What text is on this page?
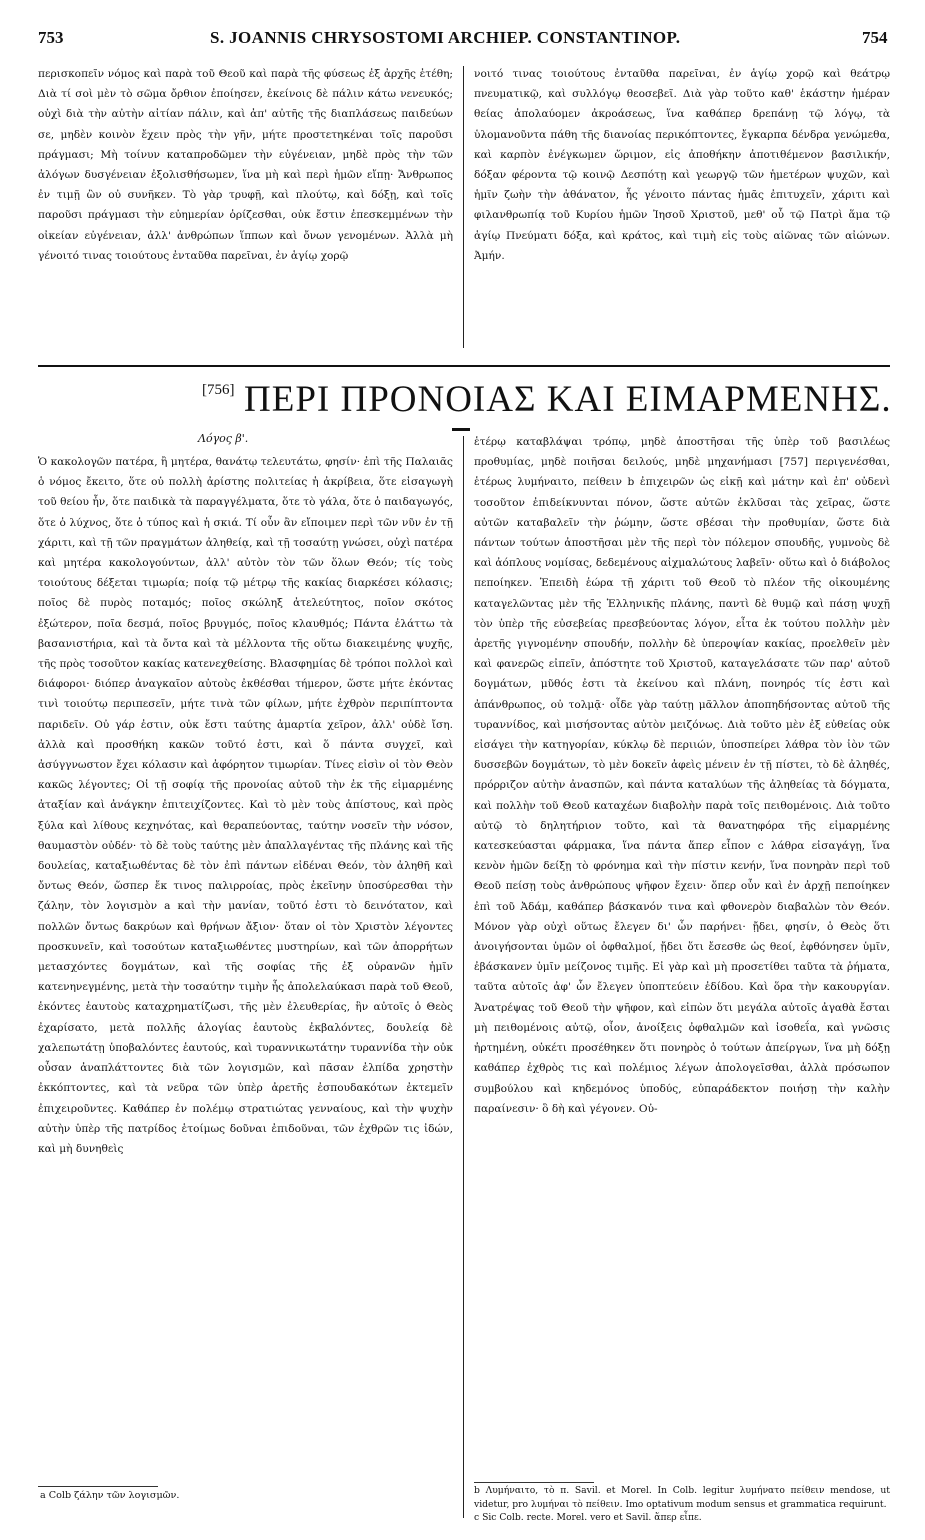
753	S. JOANNIS CHRYSOSTOMI ARCHIEP. CONSTANTINOP.	754

περισκοπεῖν νόμος καὶ παρὰ τοῦ Θεοῦ καὶ παρὰ τῆς φύσεως ἐξ ἀρχῆς ἐτέθη; Διὰ τί σοὶ μὲν τὸ σῶμα ὄρθιον ἐποίησεν, ἐκείνοις δὲ πάλιν κάτω νενευκός; οὐχὶ διὰ τὴν αὐτὴν αἰτίαν πάλιν, καὶ ἀπ' αὐτῆς τῆς διαπλάσεως παιδεύων σε, μηδὲν κοινὸν ἔχειν πρὸς τὴν γῆν, μήτε προστετηκέναι τοῖς παροῦσι πράγμασι; Μὴ τοίνυν καταπροδῶμεν τὴν εὐγένειαν, μηδὲ πρὸς τὴν τῶν ἀλόγων δυσγένειαν ἐξολισθήσωμεν, ἵνα μὴ καὶ περὶ ἡμῶν εἴπῃ· Ἄνθρωπος ἐν τιμῇ ὢν οὐ συνῆκεν. Τὸ γὰρ τρυφῇ, καὶ πλούτῳ, καὶ δόξῃ, καὶ τοῖς παροῦσι πράγμασι τὴν εὐημερίαν ὁρίζεσθαι, οὐκ ἔστιν ἐπεσκεμμένων τὴν οἰκείαν εὐγένειαν, ἀλλ' ἀνθρώπων ἵππων καὶ ὄνων γενομένων. Ἀλλὰ μὴ γένοιτό τινας τοιούτους ἐνταῦθα παρεῖναι, ἐν ἁγίῳ χορῷ

νοιτό τινας τοιούτους ἐνταῦθα παρεῖναι, ἐν ἁγίῳ χορῷ καὶ θεάτρῳ πνευματικῷ, καὶ συλλόγῳ θεοσεβεῖ. Διὰ γὰρ τοῦτο καθ' ἑκάστην ἡμέραν θείας ἀπολαύομεν ἀκροάσεως, ἵνα καθάπερ δρεπάνῃ τῷ λόγῳ, τὰ ὑλομανοῦντα πάθη τῆς διανοίας περικόπτοντες, ἔγκαρπα δένδρα γενώμεθα, καὶ καρπὸν ἐνέγκωμεν ὥριμον, εἰς ἀποθήκην ἀποτιθέμενον βασιλικήν, δόξαν φέροντα τῷ κοινῷ Δεσπότῃ καὶ γεωργῷ τῶν ἡμετέρων ψυχῶν, καὶ ἡμῖν ζωὴν τὴν ἀθάνατον, ἧς γένοιτο πάντας ἡμᾶς ἐπιτυχεῖν, χάριτι καὶ φιλανθρωπίᾳ τοῦ Κυρίου ἡμῶν Ἰησοῦ Χριστοῦ, μεθ' οὗ τῷ Πατρὶ ἅμα τῷ ἁγίῳ Πνεύματι δόξα, καὶ κράτος, καὶ τιμὴ εἰς τοὺς αἰῶνας τῶν αἰώνων. Ἀμήν.

[756] ΠΕΡΙ ΠΡΟΝΟΙΑΣ ΚΑΙ ΕΙΜΑΡΜΕΝΗΣ.
Λόγος β'.

Ὁ κακολογῶν πατέρα, ἢ μητέρα, θανάτῳ τελευτάτω, φησίν· ἐπὶ τῆς Παλαιᾶς ὁ νόμος ἔκειτο, ὅτε οὐ πολλὴ ἀρίστης πολιτείας ἡ ἀκρίβεια, ὅτε εἰσαγωγὴ τοῦ θείου ἦν, ὅτε παιδικὰ τὰ παραγγέλματα, ὅτε τὸ γάλα, ὅτε ὁ παιδαγωγός, ὅτε ὁ λύχνος, ὅτε ὁ τύπος καὶ ἡ σκιά. Τί οὖν ἂν εἴποιμεν περὶ τῶν νῦν ἐν τῇ χάριτι, καὶ τῇ τῶν πραγμάτων ἀληθείᾳ, καὶ τῇ τοσαύτῃ γνώσει, οὐχὶ πατέρα καὶ μητέρα κακολογούντων, ἀλλ' αὐτὸν τὸν τῶν ὅλων Θεόν; τίς τοὺς τοιούτους δέξεται τιμωρία; ποίᾳ τῷ μέτρῳ τῆς κακίας διαρκέσει κόλασις; ποῖος δὲ πυρὸς ποταμός; ποῖος σκώληξ ἀτελεύτητος, ποῖον σκότος ἐξώτερον, ποῖα δεσμά, ποῖος βρυγμός, ποῖος κλαυθμός; Πάντα ἐλάττω τὰ βασανιστήρια, καὶ τὰ ὄντα καὶ τὰ μέλλοντα τῆς οὕτω διακειμένης ψυχῆς, τῆς πρὸς τοσοῦτον κακίας κατενεχθείσης. Βλασφημίας δὲ τρόποι πολλοὶ καὶ διάφοροι· διόπερ ἀναγκαῖον αὐτοὺς ἐκθέσθαι τήμερον, ὥστε μήτε ἑκόντας τινὶ τοιούτῳ περιπεσεῖν, μήτε τινὰ τῶν φίλων, μήτε ἐχθρὸν περιπίπτοντα παριδεῖν. Οὐ γάρ ἐστιν, οὐκ ἔστι ταύτης ἁμαρτία χεῖρον, ἀλλ' οὐδὲ ἴση. ἀλλὰ καὶ προσθήκη κακῶν τοῦτό ἐστι, καὶ ὅ πάντα συγχεῖ, καὶ ἀσύγγνωστον ἔχει κόλασιν καὶ ἀφόρητον τιμωρίαν. Τίνες εἰσὶν οἱ τὸν Θεὸν κακῶς λέγοντες; Οἱ τῇ σοφίᾳ τῆς προνοίας αὐτοῦ τὴν ἐκ τῆς εἱμαρμένης ἀταξίαν καὶ ἀνάγκην ἐπιτειχίζοντες. Καὶ τὸ μὲν τοὺς ἀπίστους, καὶ πρὸς ξύλα καὶ λίθους κεχηνότας, καὶ θεραπεύοντας, ταύτην νοσεῖν τὴν νόσον, θαυμαστὸν οὐδέν· τὸ δὲ τοὺς ταύτης μὲν ἀπαλλαγέντας τῆς πλάνης καὶ τῆς δουλείας, καταξιωθέντας δὲ τὸν ἐπὶ πάντων εἰδέναι Θεόν, τὸν ἀληθῆ καὶ ὄντως Θεόν, ὥσπερ ἔκ τινος παλιρροίας, πρὸς ἐκεῖνην ὑποσύρεσθαι τὴν ζάλην, τὸν λογισμὸν a καὶ τὴν μανίαν, τοῦτό ἐστι τὸ δεινότατον, καὶ πολλῶν ὄντως δακρύων καὶ θρήνων ἄξιον· ὅταν οἱ τὸν Χριστὸν λέγοντες προσκυνεῖν, καὶ τοσούτων καταξιωθέντες μυστηρίων, καὶ τῶν ἀπορρήτων μετασχόντες δογμάτων, καὶ τῆς σοφίας τῆς ἐξ οὐρανῶν ἡμῖν κατενηνεγμένης, μετὰ τὴν τοσαύτην τιμὴν ἧς ἀπολελαύκασι παρὰ τοῦ Θεοῦ, ἑκόντες ἑαυτοὺς καταχρηματίζωσι, τῆς μὲν ἐλευθερίας, ἣν αὐτοῖς ὁ Θεὸς ἐχαρίσατο, μετὰ πολλῆς ἀλογίας ἑαυτοὺς ἐκβαλόντες, δουλείᾳ δὲ χαλεπωτάτῃ ὑποβαλόντες ἑαυτούς, καὶ τυραννικωτάτην τυραννίδα τὴν οὐκ οὖσαν ἀναπλάττοντες διὰ τῶν λογισμῶν, καὶ πᾶσαν ἐλπίδα χρηστὴν ἐκκόπτοντες, καὶ τὰ νεῦρα τῶν ὑπὲρ ἀρετῆς ἐσπουδακότων ἐκτεμεῖν ἐπιχειροῦντες. Καθάπερ ἐν πολέμῳ στρατιώτας γενναίους, καὶ τὴν ψυχὴν αὐτὴν ὑπὲρ τῆς πατρίδος ἑτοίμως δοῦναι ἐπιδοῦναι, τῶν ἐχθρῶν τις ἰδών, καὶ μὴ δυνηθεὶς

ἑτέρῳ καταβλάψαι τρόπῳ, μηδὲ ἀποστῆσαι τῆς ὑπὲρ τοῦ βασιλέως προθυμίας, μηδὲ ποιῆσαι δειλούς, μηδὲ μηχανήμασι [757] περιγενέσθαι, ἑτέρως λυμήναιτο, πείθειν b ἐπιχειρῶν ὡς εἰκῇ καὶ μάτην καὶ ἐπ' οὐδενὶ τοσοῦτον ἐπιδείκνυνται πόνον, ὥστε αὐτῶν ἐκλῦσαι τὰς χεῖρας, ὥστε αὐτῶν καταβαλεῖν τὴν ῥώμην, ὥστε σβέσαι τὴν προθυμίαν, ὥστε διὰ πάντων τούτων ἀποστῆσαι μὲν τῆς περὶ τὸν πόλεμον σπουδῆς, γυμνοὺς δὲ καὶ ἀόπλους νομίσας, δεδεμένους αἰχμαλώτους λαβεῖν· οὕτω καὶ ὁ διάβολος πεποίηκεν. Ἐπειδὴ ἑώρα τῇ χάριτι τοῦ Θεοῦ τὸ πλέον τῆς οἰκουμένης καταγελῶντας μὲν τῆς Ἑλληνικῆς πλάνης, παντὶ δὲ θυμῷ καὶ πάσῃ ψυχῇ τὸν ὑπὲρ τῆς εὐσεβείας πρεσβεύοντας λόγον, εἶτα ἐκ τούτου πολλὴν μὲν ἀρετῆς γιγνομένην σπουδήν, πολλὴν δὲ ὑπεροψίαν κακίας, προελθεῖν μὲν καὶ φανερῶς εἰπεῖν, ἀπόστητε τοῦ Χριστοῦ, καταγελάσατε τῶν παρ' αὐτοῦ δογμάτων, μῦθός ἐστι τὰ ἐκείνου καὶ πλάνη, πονηρός τίς ἐστι καὶ ἀπάνθρωπος, οὐ τολμᾷ· οἶδε γὰρ ταύτῃ μᾶλλον ἀποπηδήσοντας αὐτοῦ τῆς τυραννίδος, καὶ μισήσοντας αὐτὸν μειζόνως. Διὰ τοῦτο μὲν ἐξ εὐθείας οὐκ εἰσάγει τὴν κατηγορίαν, κύκλῳ δὲ περιιών, ὑποσπείρει λάθρα τὸν ἰὸν τῶν δυσσεβῶν δογμάτων, τὸ μὲν δοκεῖν ἀφεὶς μένειν ἐν τῇ πίστει, τὸ δὲ ἀληθές, πρόρριζον αὐτὴν ἀνασπῶν, καὶ πάντα καταλύων τῆς ἀληθείας τὰ δόγματα, καὶ πολλὴν τοῦ Θεοῦ καταχέων διαβολὴν παρὰ τοῖς πειθομένοις. Διὰ τοῦτο αὐτῷ τὸ δηλητήριον τοῦτο, καὶ τὰ θανατηφόρα τῆς εἱμαρμένης κατεσκεύασται φάρμακα, ἵνα πάντα ἅπερ εἶπον c λάθρα εἰσαγάγῃ, ἵνα κενὸν ἡμῶν δείξῃ τὸ φρόνημα καὶ τὴν πίστιν κενήν, ἵνα πονηρὰν περὶ τοῦ Θεοῦ πείσῃ τοὺς ἀνθρώπους ψῆφον ἔχειν· ὅπερ οὖν καὶ ἐν ἀρχῇ πεποίηκεν ἐπὶ τοῦ Ἀδάμ, καθάπερ βάσκανόν τινα καὶ φθονερὸν διαβαλὼν τὸν Θεόν. Μόνον γὰρ οὐχὶ οὕτως ἔλεγεν δι' ὧν παρήνει· ᾔδει, φησίν, ὁ Θεὸς ὅτι ἀνοιγήσονται ὑμῶν οἱ ὀφθαλμοί, ᾔδει ὅτι ἔσεσθε ὡς θεοί, ἐφθόνησεν ὑμῖν, ἐβάσκανεν ὑμῖν μείζονος τιμῆς. Εἰ γὰρ καὶ μὴ προσετίθει ταῦτα τὰ ῥήματα, ταῦτα αὐτοῖς ἀφ' ὧν ἔλεγεν ὑποπτεύειν ἐδίδου. Καὶ ὅρα τὴν κακουργίαν. Ἀνατρέψας τοῦ Θεοῦ τὴν ψῆφον, καὶ εἰπὼν ὅτι μεγάλα αὐτοῖς ἀγαθὰ ἔσται μὴ πειθομένοις αὐτῷ, οἷον, ἀνοίξεις ὀφθαλμῶν καὶ ἰσοθεΐα, καὶ γνῶσις ἠρτημένη, οὐκέτι προσέθηκεν ὅτι πονηρὸς ὁ τούτων ἀπείργων, ἵνα μὴ δόξῃ καθάπερ ἐχθρὸς τις καὶ πολέμιος λέγων ἀπολογεῖσθαι, ἀλλὰ πρόσωπον συμβούλου καὶ κηδεμόνος ὑποδύς, εὐπαράδεκτον ποιήσῃ τὴν καλὴν παραίνεσιν· ὃ δὴ καὶ γέγονεν. Οὐ-

a Colb ζάλην τῶν λογισμῶν.	b Λυμήναιτο, τὸ π. Savil. et Morel. In Colb. legitur λυμήνατο πείθειν mendose, ut videtur, pro λυμήναι τὸ πείθειν. Imo optativum modum sensus et grammatica requirunt.

c Sic Colb. recte. Morel. vero et Savil. ἅπερ εἶπε.
